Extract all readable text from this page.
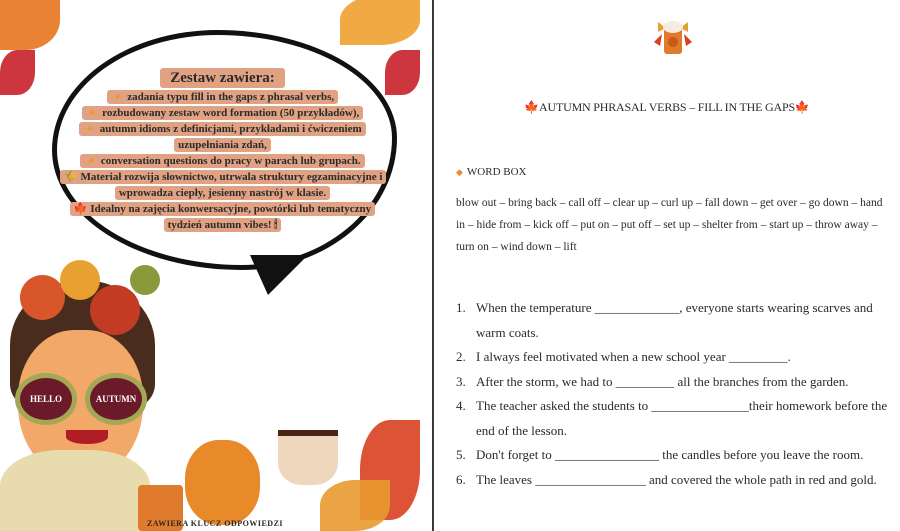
Zestaw zawiera:
🔸 zadania typu fill in the gaps z phrasal verbs,
🔸 rozbudowany zestaw word formation (50 przykładów),
🔸 autumn idioms z definicjami, przykładami i ćwiczeniem uzupełniania zdań,
🔸 conversation questions do pracy w parach lub grupach.
🌾 Materiał rozwija słownictwo, utrwala struktury egzaminacyjne i wprowadza ciepły, jesienny nastrój w klasie.
🍁 Idealny na zajęcia konwersacyjne, powtórki lub tematyczny tydzień autumn vibes! 🕯
HELLO	AUTUMN
ZAWIERA KLUCZ ODPOWIEDZI
🍁AUTUMN PHRASAL VERBS – FILL IN THE GAPS🍁
◆ WORD BOX
blow out – bring back – call off – clear up – curl up – fall down – get over – go down – hand in – hide from – kick off – put on – put off – set up – shelter from – start up – throw away – turn on – wind down – lift
1. When the temperature _____________, everyone starts wearing scarves and warm coats.
2. I always feel motivated when a new school year _________.
3. After the storm, we had to _________ all the branches from the garden.
4. The teacher asked the students to _______________their homework before the end of the lesson.
5. Don't forget to ________________ the candles before you leave the room.
6. The leaves _________________ and covered the whole path in red and gold.
